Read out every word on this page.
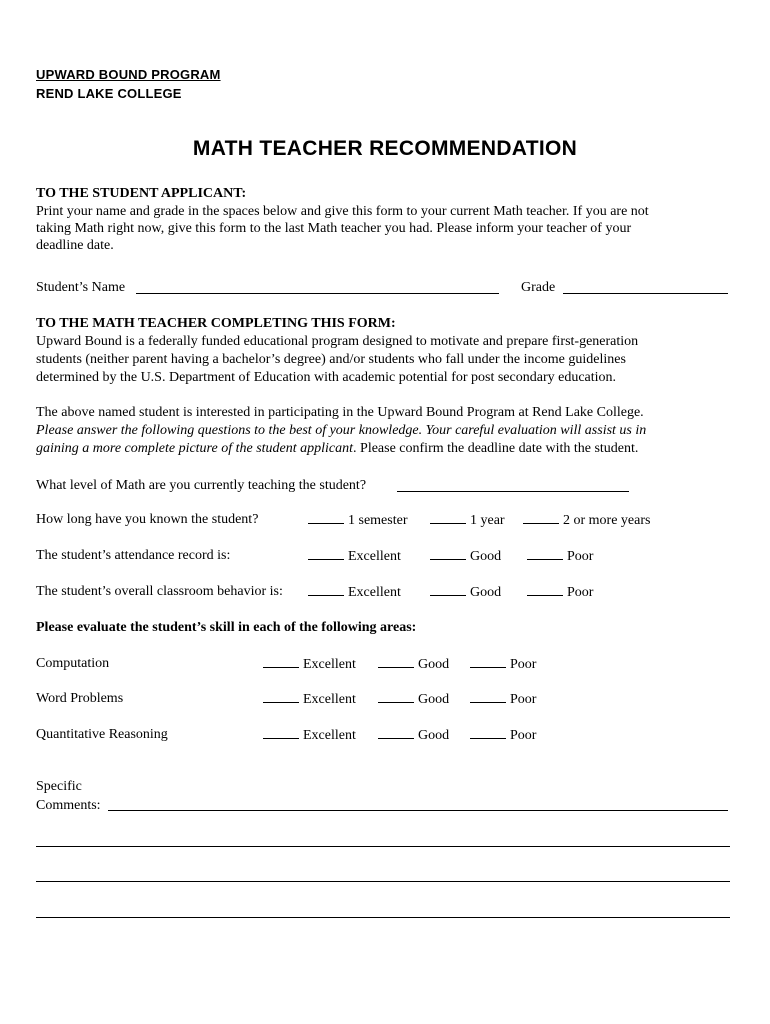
UPWARD BOUND PROGRAM
REND LAKE COLLEGE
MATH TEACHER RECOMMENDATION
TO THE STUDENT APPLICANT:
Print your name and grade in the spaces below and give this form to your current Math teacher. If you are not
taking Math right now, give this form to the last Math teacher you had. Please inform your teacher of your
deadline date.
Student’s Name	Grade
TO THE MATH TEACHER COMPLETING THIS FORM:
Upward Bound is a federally funded educational program designed to motivate and prepare first-generation
students (neither parent having a bachelor’s degree) and/or students who fall under the income guidelines
determined by the U.S. Department of Education with academic potential for post secondary education.
The above named student is interested in participating in the Upward Bound Program at Rend Lake College.
Please answer the following questions to the best of your knowledge. Your careful evaluation will assist us in
gaining a more complete picture of the student applicant. Please confirm the deadline date with the student.
What level of Math are you currently teaching the student?
How long have you known the student?	1 semester	1 year	2 or more years
The student’s attendance record is:	Excellent	Good	Poor
The student’s overall classroom behavior is:	Excellent	Good	Poor
Please evaluate the student’s skill in each of the following areas:
Computation	Excellent	Good	Poor
Word Problems	Excellent	Good	Poor
Quantitative Reasoning	Excellent	Good	Poor
Specific
Comments:
